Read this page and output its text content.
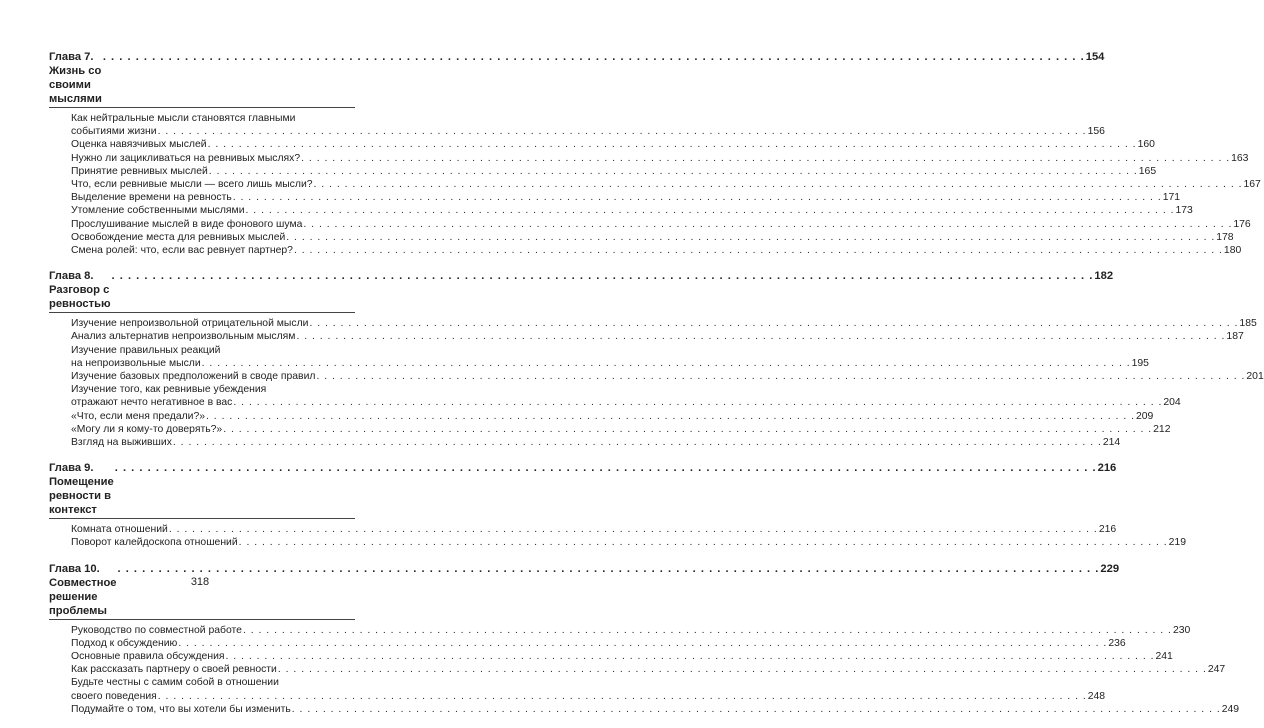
Глава 7. Жизнь со своими мыслями
. . . . . . . . . . . . . . . . . . . . . . . . . . . . . . . . . . . . . . . . . . . . . . . . . . . . . . . . . . . . . . . . . . . . . . . . . . . . . . . . . . . . . . . . . . . . . . . . . . . . . . . . . . . . . . . . . . . . . . . . 154
Как нейтральные мысли становятся главными
событиями жизни . . . . . . . . . . . . . . . . . . . . . . . . . . . . . . . . . . . . . . . . . . . . . . . . . . . . . . . . . . . . . . . . . . . . . . . . . . . . . . . . . . . . . . . . . . . . . . . . . . . . . . . . . . . . . . . . . . . . . . . . 156
Оценка навязчивых мыслей . . . . . . . . . . . . . . . . . . . . . . . . . . . . . . . . . . . . . . . . . . . . . . . . . . . . . . . . . . . . . . . . . . . . . . . . . . . . . . . . . . . . . . . . . . . . . . . . . . . . . . . . . . . . . . . . . . . . . . . . 160
Нужно ли зацикливаться на ревнивых мыслях? . . . . . . . . . . . . . . . . . . . . . . . . . . . . . . . . . . . . . . . . . . . . . . . . . . . . . . . . . . . . . . . . . . . . . . . . . . . . . . . . . . . . . . . . . . . . . . . . . . . . . . . . . . . . . . . . . . . . . . . . 163
Принятие ревнивых мыслей . . . . . . . . . . . . . . . . . . . . . . . . . . . . . . . . . . . . . . . . . . . . . . . . . . . . . . . . . . . . . . . . . . . . . . . . . . . . . . . . . . . . . . . . . . . . . . . . . . . . . . . . . . . . . . . . . . . . . . . . 165
Что, если ревнивые мысли — всего лишь мысли? . . . . . . . . . . . . . . . . . . . . . . . . . . . . . . . . . . . . . . . . . . . . . . . . . . . . . . . . . . . . . . . . . . . . . . . . . . . . . . . . . . . . . . . . . . . . . . . . . . . . . . . . . . . . . . . . . . . . . . . . 167
Выделение времени на ревность . . . . . . . . . . . . . . . . . . . . . . . . . . . . . . . . . . . . . . . . . . . . . . . . . . . . . . . . . . . . . . . . . . . . . . . . . . . . . . . . . . . . . . . . . . . . . . . . . . . . . . . . . . . . . . . . . . . . . . . . 171
Утомление собственными мыслями . . . . . . . . . . . . . . . . . . . . . . . . . . . . . . . . . . . . . . . . . . . . . . . . . . . . . . . . . . . . . . . . . . . . . . . . . . . . . . . . . . . . . . . . . . . . . . . . . . . . . . . . . . . . . . . . . . . . . . . . 173
Прослушивание мыслей в виде фонового шума . . . . . . . . . . . . . . . . . . . . . . . . . . . . . . . . . . . . . . . . . . . . . . . . . . . . . . . . . . . . . . . . . . . . . . . . . . . . . . . . . . . . . . . . . . . . . . . . . . . . . . . . . . . . . . . . . . . . . . . . 176
Освобождение места для ревнивых мыслей . . . . . . . . . . . . . . . . . . . . . . . . . . . . . . . . . . . . . . . . . . . . . . . . . . . . . . . . . . . . . . . . . . . . . . . . . . . . . . . . . . . . . . . . . . . . . . . . . . . . . . . . . . . . . . . . . . . . . . . . 178
Смена ролей: что, если вас ревнует партнер? . . . . . . . . . . . . . . . . . . . . . . . . . . . . . . . . . . . . . . . . . . . . . . . . . . . . . . . . . . . . . . . . . . . . . . . . . . . . . . . . . . . . . . . . . . . . . . . . . . . . . . . . . . . . . . . . . . . . . . . . 180
Глава 8. Разговор с ревностью
. . . . . . . . . . . . . . . . . . . . . . . . . . . . . . . . . . . . . . . . . . . . . . . . . . . . . . . . . . . . . . . . . . . . . . . . . . . . . . . . . . . . . . . . . . . . . . . . . . . . . . . . . . . . . . . . . . . . . . . . 182
Изучение непроизвольной отрицательной мысли . . . . . . . . . . . . . . . . . . . . . . . . . . . . . . . . . . . . . . . . . . . . . . . . . . . . . . . . . . . . . . . . . . . . . . . . . . . . . . . . . . . . . . . . . . . . . . . . . . . . . . . . . . . . . . . . . . . . . . . . 185
Анализ альтернатив непроизвольным мыслям . . . . . . . . . . . . . . . . . . . . . . . . . . . . . . . . . . . . . . . . . . . . . . . . . . . . . . . . . . . . . . . . . . . . . . . . . . . . . . . . . . . . . . . . . . . . . . . . . . . . . . . . . . . . . . . . . . . . . . . . 187
Изучение правильных реакций
на непроизвольные мысли . . . . . . . . . . . . . . . . . . . . . . . . . . . . . . . . . . . . . . . . . . . . . . . . . . . . . . . . . . . . . . . . . . . . . . . . . . . . . . . . . . . . . . . . . . . . . . . . . . . . . . . . . . . . . . . . . . . . . . . . 195
Изучение базовых предположений в своде правил . . . . . . . . . . . . . . . . . . . . . . . . . . . . . . . . . . . . . . . . . . . . . . . . . . . . . . . . . . . . . . . . . . . . . . . . . . . . . . . . . . . . . . . . . . . . . . . . . . . . . . . . . . . . . . . . . . . . . . . . 201
Изучение того, как ревнивые убеждения
отражают нечто негативное в вас . . . . . . . . . . . . . . . . . . . . . . . . . . . . . . . . . . . . . . . . . . . . . . . . . . . . . . . . . . . . . . . . . . . . . . . . . . . . . . . . . . . . . . . . . . . . . . . . . . . . . . . . . . . . . . . . . . . . . . . . 204
«Что, если меня предали?» . . . . . . . . . . . . . . . . . . . . . . . . . . . . . . . . . . . . . . . . . . . . . . . . . . . . . . . . . . . . . . . . . . . . . . . . . . . . . . . . . . . . . . . . . . . . . . . . . . . . . . . . . . . . . . . . . . . . . . . . 209
«Могу ли я кому-то доверять?» . . . . . . . . . . . . . . . . . . . . . . . . . . . . . . . . . . . . . . . . . . . . . . . . . . . . . . . . . . . . . . . . . . . . . . . . . . . . . . . . . . . . . . . . . . . . . . . . . . . . . . . . . . . . . . . . . . . . . . . . 212
Взгляд на выживших . . . . . . . . . . . . . . . . . . . . . . . . . . . . . . . . . . . . . . . . . . . . . . . . . . . . . . . . . . . . . . . . . . . . . . . . . . . . . . . . . . . . . . . . . . . . . . . . . . . . . . . . . . . . . . . . . . . . . . . . 214
Глава 9. Помещение ревности в контекст
. . . . . . . . . . . . . . . . . . . . . . . . . . . . . . . . . . . . . . . . . . . . . . . . . . . . . . . . . . . . . . . . . . . . . . . . . . . . . . . . . . . . . . . . . . . . . . . . . . . . . . . . . . . . . . . . . . . . . . . . 216
Комната отношений . . . . . . . . . . . . . . . . . . . . . . . . . . . . . . . . . . . . . . . . . . . . . . . . . . . . . . . . . . . . . . . . . . . . . . . . . . . . . . . . . . . . . . . . . . . . . . . . . . . . . . . . . . . . . . . . . . . . . . . . 216
Поворот калейдоскопа отношений . . . . . . . . . . . . . . . . . . . . . . . . . . . . . . . . . . . . . . . . . . . . . . . . . . . . . . . . . . . . . . . . . . . . . . . . . . . . . . . . . . . . . . . . . . . . . . . . . . . . . . . . . . . . . . . . . . . . . . . . 219
Глава 10. Совместное решение проблемы
. . . . . . . . . . . . . . . . . . . . . . . . . . . . . . . . . . . . . . . . . . . . . . . . . . . . . . . . . . . . . . . . . . . . . . . . . . . . . . . . . . . . . . . . . . . . . . . . . . . . . . . . . . . . . . . . . . . . . . . . 229
Руководство по совместной работе . . . . . . . . . . . . . . . . . . . . . . . . . . . . . . . . . . . . . . . . . . . . . . . . . . . . . . . . . . . . . . . . . . . . . . . . . . . . . . . . . . . . . . . . . . . . . . . . . . . . . . . . . . . . . . . . . . . . . . . . 230
Подход к обсуждению . . . . . . . . . . . . . . . . . . . . . . . . . . . . . . . . . . . . . . . . . . . . . . . . . . . . . . . . . . . . . . . . . . . . . . . . . . . . . . . . . . . . . . . . . . . . . . . . . . . . . . . . . . . . . . . . . . . . . . . . 236
Основные правила обсуждения . . . . . . . . . . . . . . . . . . . . . . . . . . . . . . . . . . . . . . . . . . . . . . . . . . . . . . . . . . . . . . . . . . . . . . . . . . . . . . . . . . . . . . . . . . . . . . . . . . . . . . . . . . . . . . . . . . . . . . . . 241
Как рассказать партнеру о своей ревности . . . . . . . . . . . . . . . . . . . . . . . . . . . . . . . . . . . . . . . . . . . . . . . . . . . . . . . . . . . . . . . . . . . . . . . . . . . . . . . . . . . . . . . . . . . . . . . . . . . . . . . . . . . . . . . . . . . . . . . . 247
Будьте честны с самим собой в отношении
своего поведения . . . . . . . . . . . . . . . . . . . . . . . . . . . . . . . . . . . . . . . . . . . . . . . . . . . . . . . . . . . . . . . . . . . . . . . . . . . . . . . . . . . . . . . . . . . . . . . . . . . . . . . . . . . . . . . . . . . . . . . . 248
Подумайте о том, что вы хотели бы изменить . . . . . . . . . . . . . . . . . . . . . . . . . . . . . . . . . . . . . . . . . . . . . . . . . . . . . . . . . . . . . . . . . . . . . . . . . . . . . . . . . . . . . . . . . . . . . . . . . . . . . . . . . . . . . . . . . . . . . . . . 249
318
